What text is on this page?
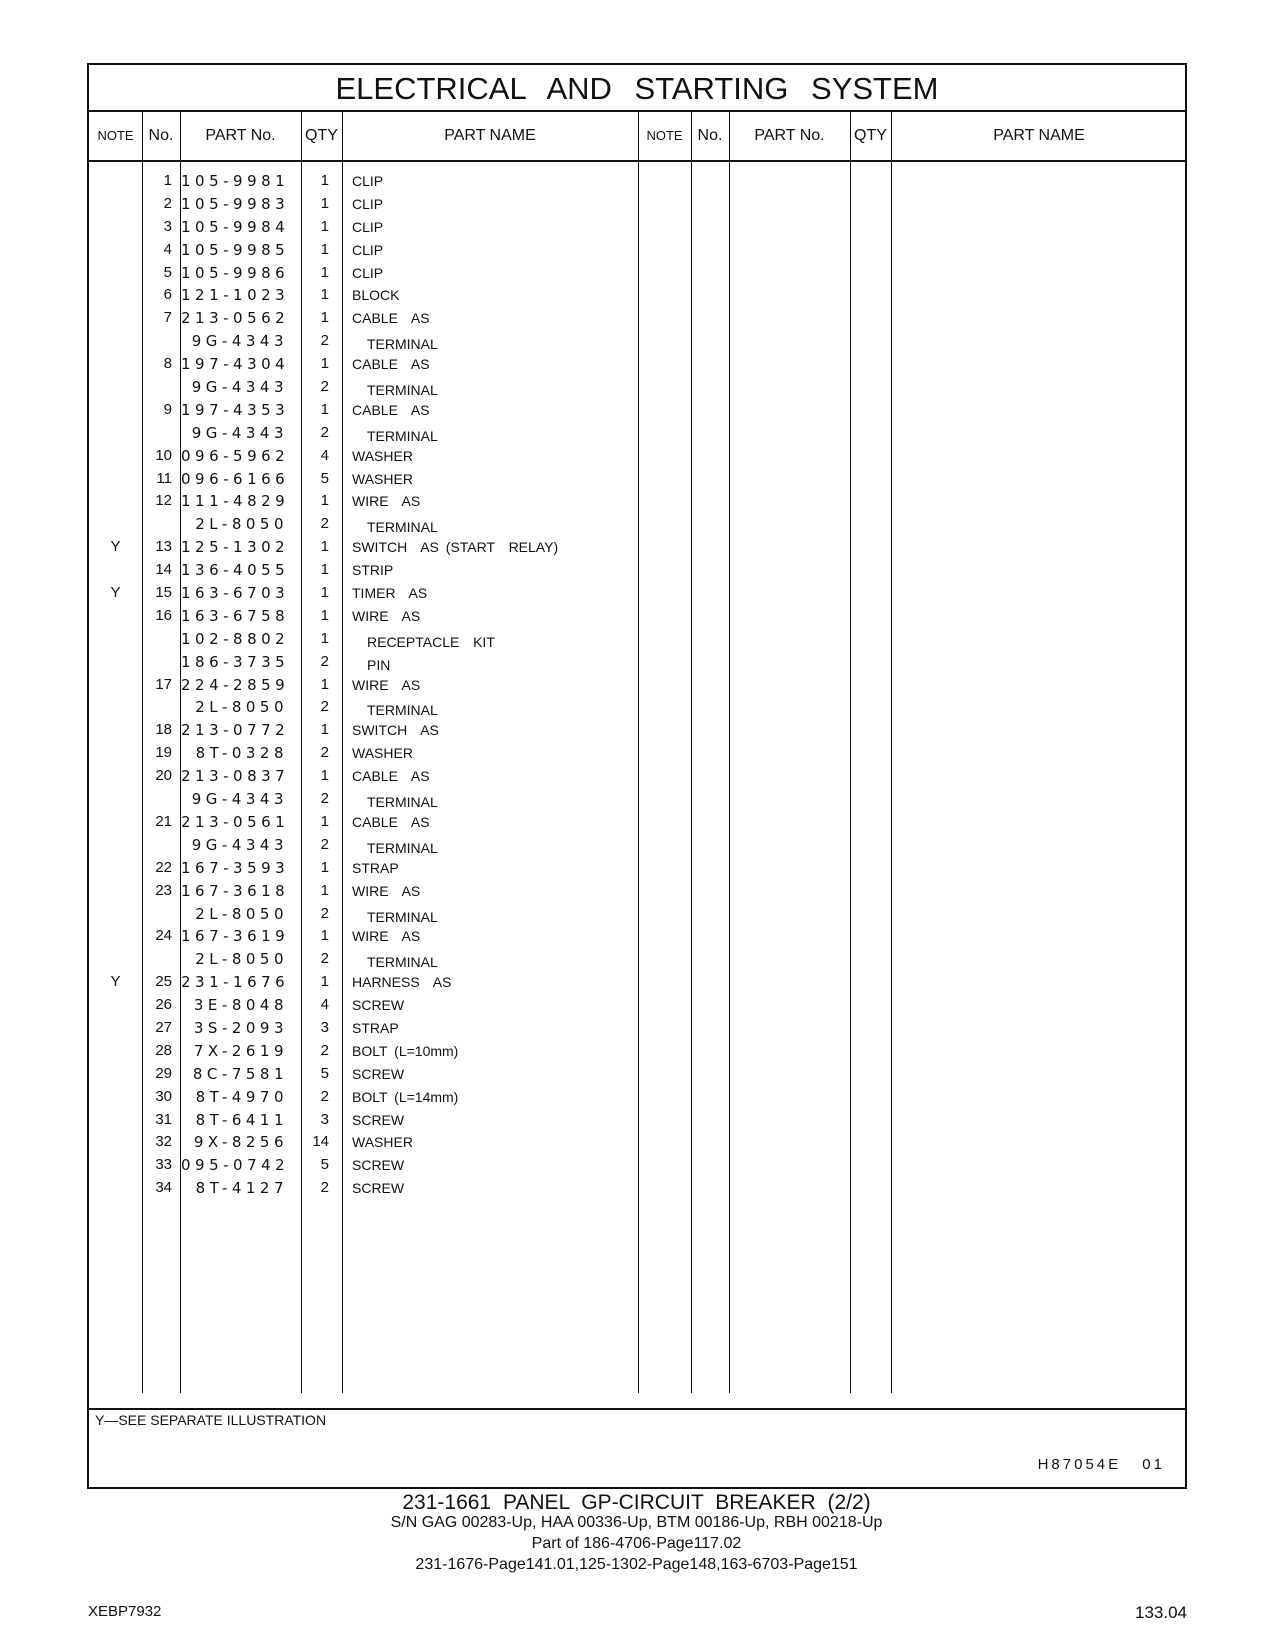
ELECTRICAL AND STARTING SYSTEM
NOTE No.	PART No.	QTY	PART NAME	NOTE No.	PART No.	QTY	PART NAME
1 105-9981	1 CLIP
2 105-9983	1 CLIP
3 105-9984	1 CLIP
4 105-9985	1 CLIP
5 105-9986	1 CLIP
6 121-1023	1 BLOCK
7 213-0562	1 CABLE  AS
9G-4343	2	TERMINAL
8 197-4304	1 CABLE  AS
9G-4343	2	TERMINAL
9 197-4353	1 CABLE  AS
9G-4343	2	TERMINAL
10 096-5962	4 WASHER
11 096-6166	5 WASHER
12 111-4829	1 WIRE  AS
2L-8050	2	TERMINAL
Y	13 125-1302	1 SWITCH  AS (START  RELAY)
14 136-4055	1 STRIP
Y	15 163-6703	1 TIMER  AS
16 163-6758	1 WIRE  AS
102-8802	1	RECEPTACLE  KIT
186-3735	2	PIN
17 224-2859	1 WIRE  AS
2L-8050	2	TERMINAL
18 213-0772	1 SWITCH  AS
19	8T-0328	2 WASHER
20 213-0837	1 CABLE  AS
9G-4343	2	TERMINAL
21 213-0561	1 CABLE  AS
9G-4343	2	TERMINAL
22 167-3593	1 STRAP
23 167-3618	1 WIRE  AS
2L-8050	2	TERMINAL
24 167-3619	1 WIRE  AS
2L-8050	2	TERMINAL
Y	25 231-1676	1 HARNESS  AS
26	3E-8048	4 SCREW
27	3S-2093	3 STRAP
28	7X-2619	2 BOLT (L=10mm)
29	8C-7581	5 SCREW
30	8T-4970	2 BOLT (L=14mm)
31	8T-6411	3 SCREW
32	9X-8256	14 WASHER
33 095-0742	5 SCREW
34	8T-4127	2 SCREW
Y—SEE SEPARATE ILLUSTRATION
H87054E 01
231-1661 PANEL GP-CIRCUIT BREAKER (2/2)
S/N GAG 00283-Up, HAA 00336-Up, BTM 00186-Up, RBH 00218-Up
Part of 186-4706-Page117.02
231-1676-Page141.01,125-1302-Page148,163-6703-Page151
XEBP7932	133.04
